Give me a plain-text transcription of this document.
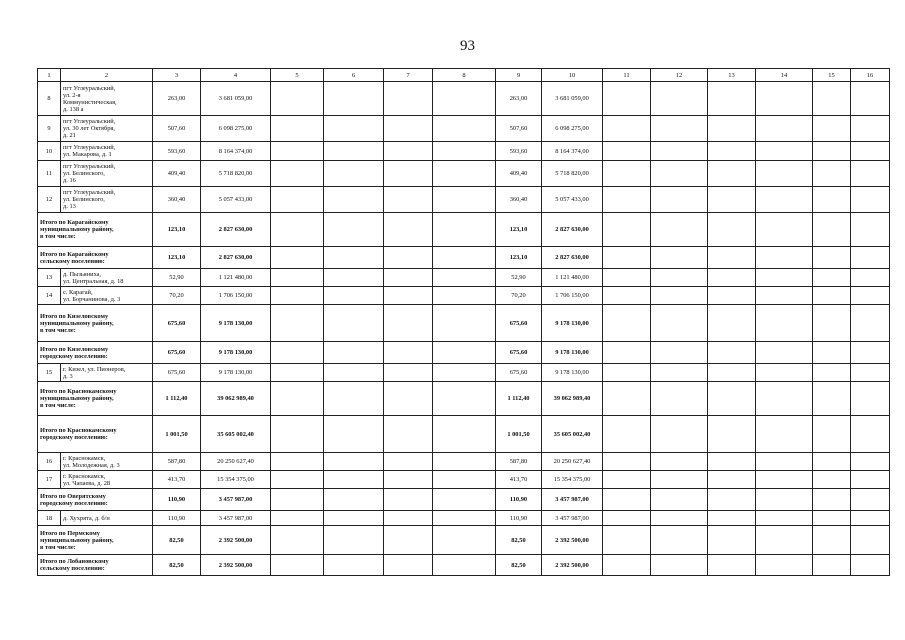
93
1	2	3	4	5	6	7	8	9	10	11	12	13	14	15	16
8	пгт Углеуральский,
ул. 2-я
Коммунистическая,
д. 138 а	263,00	3 681 059,00					263,00	3 681 059,00						
9	пгт Углеуральский,
ул. 30 лет Октября,
д. 21	507,60	6 098 275,00					507,60	6 098 275,00						
10	пгт Углеуральский,
ул. Макарова, д. 1	593,60	8 164 374,00					593,60	8 164 374,00						
11	пгт Углеуральский,
ул. Белинского,
д. 16	409,40	5 718 820,00					409,40	5 718 820,00						
12	пгт Углеуральский,
ул. Белинского,
д. 13	360,40	5 057 433,00					360,40	5 057 433,00						
Итого по Карагайскому
муниципальному району,
в том числе:		123,10	2 827 630,00					123,10	2 827 630,00						
Итого по Карагайскому
сельскому поселению:		123,10	2 827 630,00					123,10	2 827 630,00						
13	д. Пызьяниха,
ул. Центральная, д. 18	52,90	1 121 480,00					52,90	1 121 480,00						
14	с. Карагай,
ул. Борчанинова, д. 3	70,20	1 706 150,00					70,20	1 706 150,00						
Итого по Кизеловскому
муниципальному району,
в том числе:		675,60	9 178 130,00					675,60	9 178 130,00						
Итого по Кизеловскому
городскому поселению:		675,60	9 178 130,00					675,60	9 178 130,00						
15	г. Кизел, ул. Пионеров,
д. 3	675,60	9 178 130,00					675,60	9 178 130,00						
Итого по Краснокамскому
муниципальному району,
в том числе:		1 112,40	39 062 989,40					1 112,40	39 062 989,40						
Итого по Краснокамскому
городскому поселению:		1 001,50	35 605 002,40					1 001,50	35 605 002,40						
16	г. Краснокамск,
ул. Молодежная, д. 3	587,80	20 250 627,40					587,80	20 250 627,40						
17	г. Краснокамск,
ул. Чапаева, д. 28	413,70	15 354 375,00					413,70	15 354 375,00						
Итого по Оверятскому
городскому поселению:		110,90	3 457 987,00					110,90	3 457 987,00						
18	д. Хухрята, д. б/н	110,90	3 457 987,00					110,90	3 457 987,00						
Итого по Пермскому
муниципальному району,
в том числе:		82,50	2 392 500,00					82,50	2 392 500,00						
Итого по Лобановскому
сельскому поселению:		82,50	2 392 500,00					82,50	2 392 500,00						
